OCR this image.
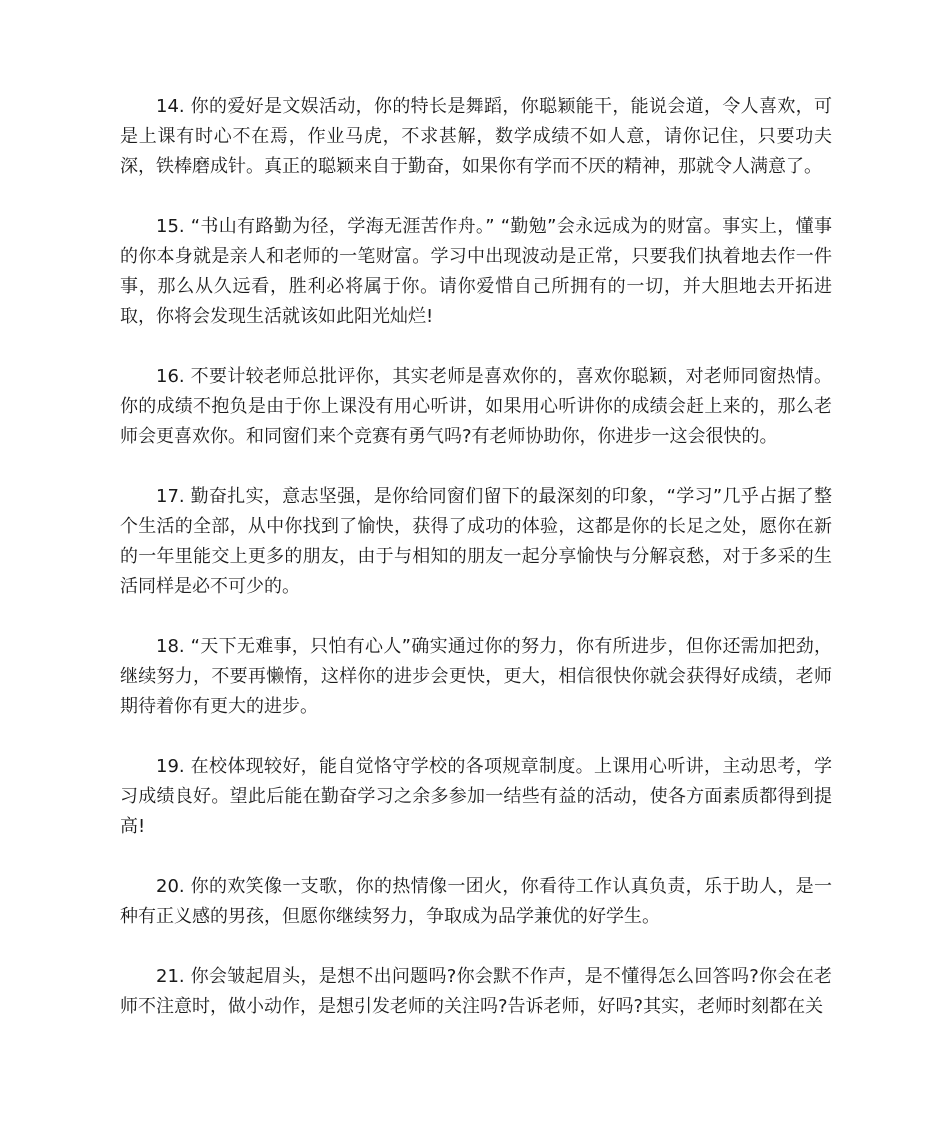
14. 你的爱好是文娱活动，你的特长是舞蹈，你聪颖能干，能说会道，令人喜欢，可是上课有时心不在焉，作业马虎，不求甚解，数学成绩不如人意，请你记住，只要功夫深，铁棒磨成针。真正的聪颖来自于勤奋，如果你有学而不厌的精神，那就令人满意了。

15. “书山有路勤为径，学海无涯苦作舟。” “勤勉”会永远成为的财富。事实上，懂事的你本身就是亲人和老师的一笔财富。学习中出现波动是正常，只要我们执着地去作一件事，那么从久远看，胜利必将属于你。请你爱惜自己所拥有的一切，并大胆地去开拓进取，你将会发现生活就该如此阳光灿烂!

16. 不要计较老师总批评你，其实老师是喜欢你的，喜欢你聪颖，对老师同窗热情。你的成绩不抱负是由于你上课没有用心听讲，如果用心听讲你的成绩会赶上来的，那么老师会更喜欢你。和同窗们来个竞赛有勇气吗?有老师协助你，你进步一这会很快的。

17. 勤奋扎实，意志坚强，是你给同窗们留下的最深刻的印象，“学习”几乎占据了整个生活的全部，从中你找到了愉快，获得了成功的体验，这都是你的长足之处，愿你在新的一年里能交上更多的朋友，由于与相知的朋友一起分享愉快与分解哀愁，对于多采的生活同样是必不可少的。

18. “天下无难事，只怕有心人”确实通过你的努力，你有所进步，但你还需加把劲，继续努力，不要再懒惰，这样你的进步会更快，更大，相信很快你就会获得好成绩，老师期待着你有更大的进步。

19. 在校体现较好，能自觉恪守学校的各项规章制度。上课用心听讲，主动思考，学习成绩良好。望此后能在勤奋学习之余多参加一结些有益的活动，使各方面素质都得到提高!

20. 你的欢笑像一支歌，你的热情像一团火，你看待工作认真负责，乐于助人，是一种有正义感的男孩，但愿你继续努力，争取成为品学兼优的好学生。

21. 你会皱起眉头，是想不出问题吗?你会默不作声，是不懂得怎么回答吗?你会在老师不注意时，做小动作，是想引发老师的关注吗?告诉老师，好吗?其实，老师时刻都在关
